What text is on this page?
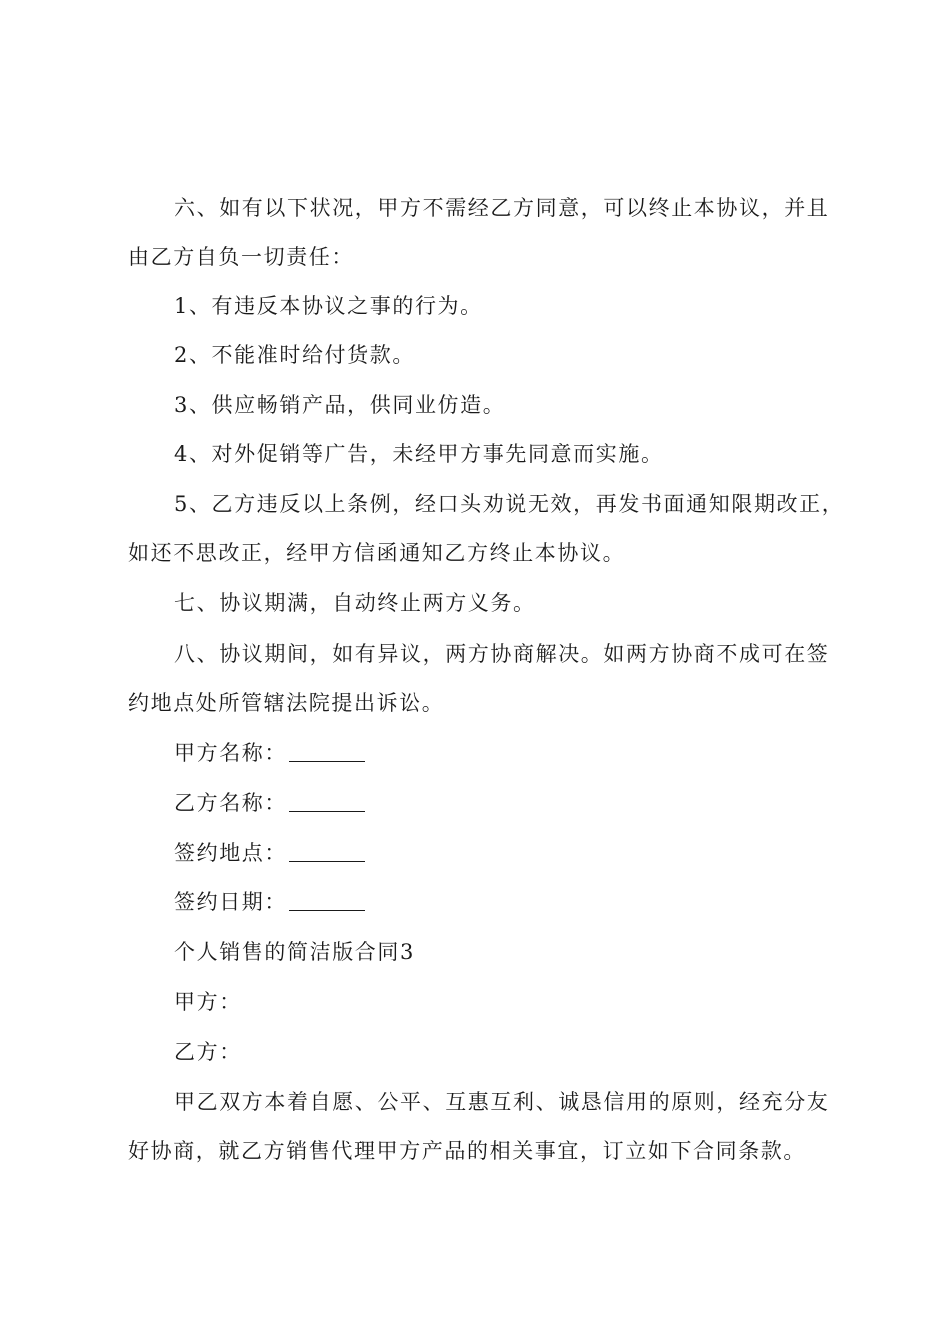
六、如有以下状况，甲方不需经乙方同意，可以终止本协议，并且
由乙方自负一切责任：
1、有违反本协议之事的行为。
2、不能准时给付货款。
3、供应畅销产品，供同业仿造。
4、对外促销等广告，未经甲方事先同意而实施。
5、乙方违反以上条例，经口头劝说无效，再发书面通知限期改正，
如还不思改正，经甲方信函通知乙方终止本协议。
七、协议期满，自动终止两方义务。
八、协议期间，如有异议，两方协商解决。如两方协商不成可在签
约地点处所管辖法院提出诉讼。
甲方名称：
乙方名称：
签约地点：
签约日期：
个人销售的简洁版合同3
甲方：
乙方：
甲乙双方本着自愿、公平、互惠互利、诚恳信用的原则，经充分友
好协商，就乙方销售代理甲方产品的相关事宜，订立如下合同条款。
